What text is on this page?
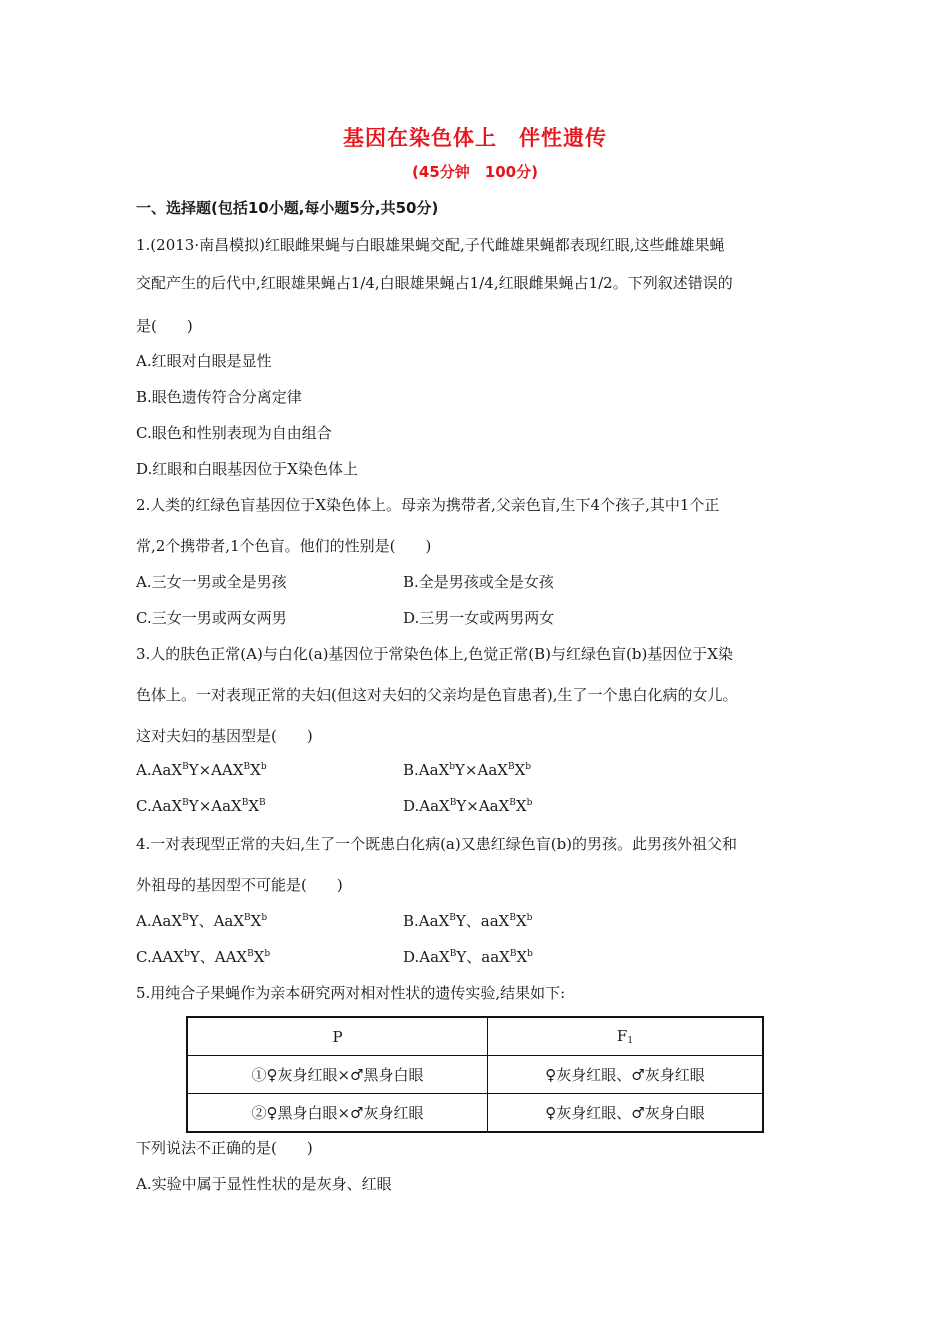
基因在染色体上　伴性遗传
(45分钟　100分)
一、选择题(包括10小题,每小题5分,共50分)
1.(2013·南昌模拟)红眼雌果蝇与白眼雄果蝇交配,子代雌雄果蝇都表现红眼,这些雌雄果蝇
交配产生的后代中,红眼雄果蝇占1/4,白眼雄果蝇占1/4,红眼雌果蝇占1/2。下列叙述错误的
是(　　)
A.红眼对白眼是显性
B.眼色遗传符合分离定律
C.眼色和性别表现为自由组合
D.红眼和白眼基因位于X染色体上
2.人类的红绿色盲基因位于X染色体上。母亲为携带者,父亲色盲,生下4个孩子,其中1个正
常,2个携带者,1个色盲。他们的性别是(　　)
A.三女一男或全是男孩	B.全是男孩或全是女孩
C.三女一男或两女两男	D.三男一女或两男两女
3.人的肤色正常(A)与白化(a)基因位于常染色体上,色觉正常(B)与红绿色盲(b)基因位于X染
色体上。一对表现正常的夫妇(但这对夫妇的父亲均是色盲患者),生了一个患白化病的女儿。
这对夫妇的基因型是(　　)
$A.AaX^BY\times AAX^BX^b$	$B.AaX^bY\times AaX^BX^b$
$C.AaX^BY\times AaX^BX^B$	$D.AaX^BY\times AaX^BX^b$
4.一对表现型正常的夫妇,生了一个既患白化病(a)又患红绿色盲(b)的男孩。此男孩外祖父和
外祖母的基因型不可能是(　　)
A.AaX$^B$Y、$AaX^BX^b$	B.AaX$^B$Y、$aaX^BX^b$
C.AAX$^b$Y、$AAX^BX^b$	D.AaX$^B$Y、$aaX^BX^b$
5.用纯合子果蝇作为亲本研究两对相对性状的遗传实验,结果如下:
P	$F_1$
①♀灰身红眼×♂黑身白眼	♀灰身红眼、♂灰身红眼
②♀黑身白眼×♂灰身红眼	♀灰身红眼、♂灰身白眼
下列说法不正确的是(　　)
A.实验中属于显性性状的是灰身、红眼
